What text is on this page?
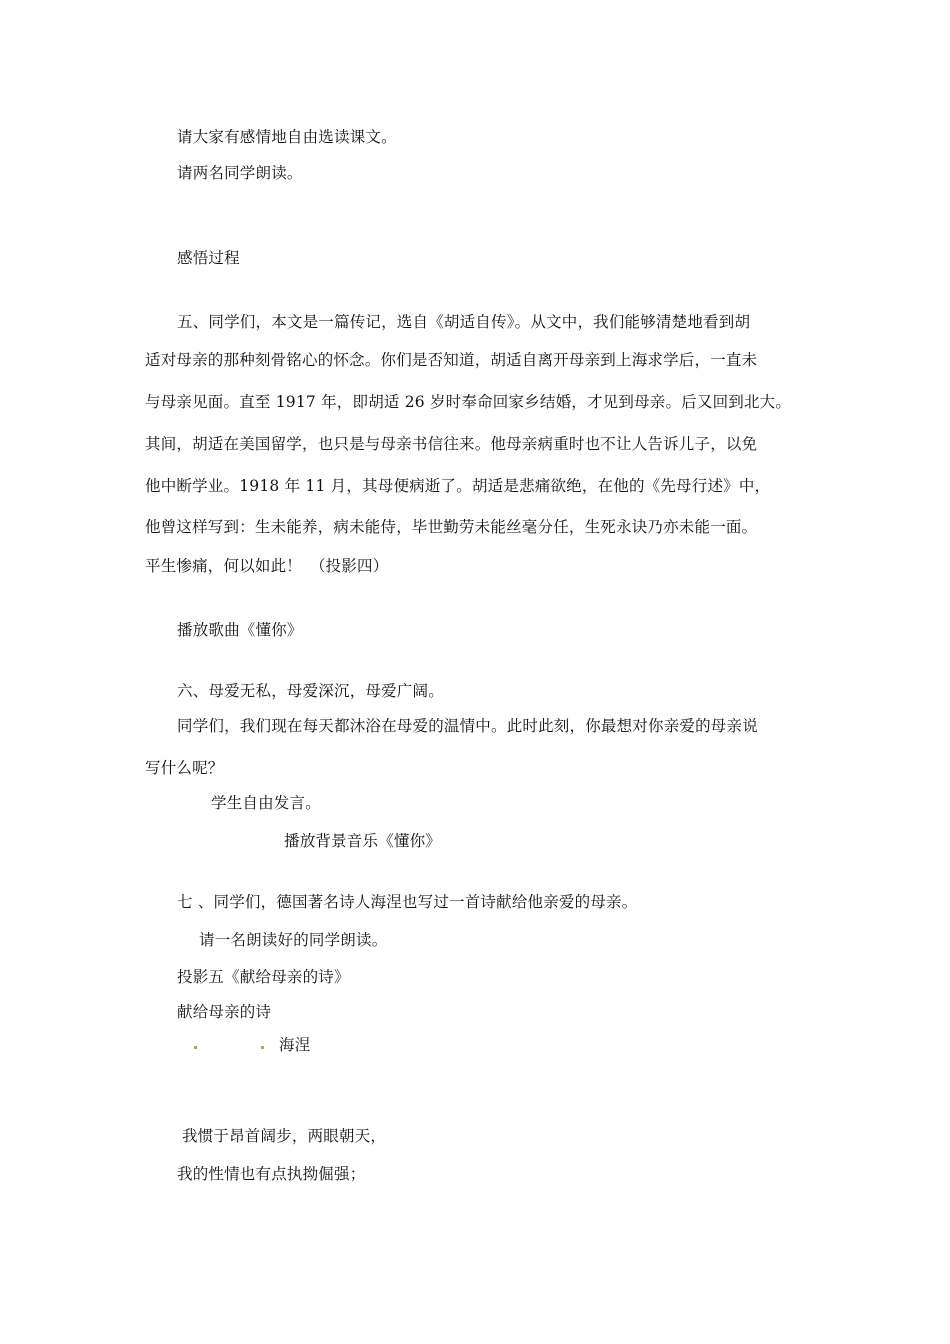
请大家有感情地自由选读课文。
请两名同学朗读。
感悟过程
五、同学们，本文是一篇传记，选自《胡适自传》。从文中，我们能够清楚地看到胡
适对母亲的那种刻骨铭心的怀念。你们是否知道，胡适自离开母亲到上海求学后，一直未
与母亲见面。直至 1917 年，即胡适 26 岁时奉命回家乡结婚，才见到母亲。后又回到北大。
其间，胡适在美国留学，也只是与母亲书信往来。他母亲病重时也不让人告诉儿子，以免
他中断学业。1918 年 11 月，其母便病逝了。胡适是悲痛欲绝，在他的《先母行述》中，
他曾这样写到：生未能养，病未能侍，毕世勤劳未能丝毫分任，生死永诀乃亦未能一面。
平生惨痛，何以如此！　（投影四）
播放歌曲《懂你》
六、母爱无私，母爱深沉，母爱广阔。
同学们，我们现在每天都沐浴在母爱的温情中。此时此刻，你最想对你亲爱的母亲说
写什么呢？
学生自由发言。
播放背景音乐《懂你》
七 、同学们，德国著名诗人海涅也写过一首诗献给他亲爱的母亲。
请一名朗读好的同学朗读。
投影五《献给母亲的诗》
献给母亲的诗
海涅
我惯于昂首阔步，两眼朝天，
我的性情也有点执拗倔强；
